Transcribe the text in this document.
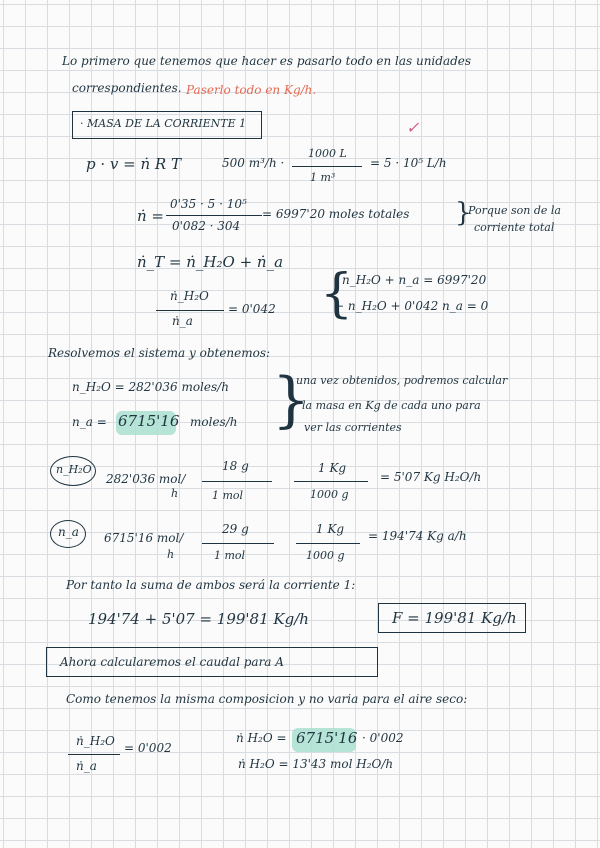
Lo primero que tenemos que hacer es pasarlo todo en las unidades
correspondientes. Paserlo todo en Kg/h.
· MASA DE LA CORRIENTE 1	✓
p · v = ṅ R T	500 m³/h ·
1000 L
1 m³
= 5 · 10⁵ L/h
ṅ =
0'35 · 5 · 10⁵
0'082 · 304
= 6997'20 moles totales }
Porque son de la
corriente total
ṅ_T = ṅ_H₂O + ṅ_a
ṅ_H₂O
ṅ_a
= 0'042 {
n_H₂O + n_a = 6997'20
− n_H₂O + 0'042 n_a = 0
Resolvemos el sistema y obtenemos:
n_H₂O = 282'036 moles/h
n_a = 6715'16 moles/h }
una vez obtenidos, podremos calcular
la masa en Kg de cada uno para
ver las corrientes
n_H₂O
282'036 mol/
h
18 g
1 mol
1 Kg
1000 g
= 5'07 Kg H₂O/h
n_a 6715'16 mol/
h
29 g
1 mol
1 Kg
1000 g
= 194'74 Kg a/h
Por tanto la suma de ambos será la corriente 1:
194'74 + 5'07 = 199'81 Kg/h	F = 199'81 Kg/h
Ahora calcularemos el caudal para A
Como tenemos la misma composicion y no varia para el aire seco:
ṅ_H₂O
ṅ_a
= 0'002
ṅ H₂O = 6715'16 · 0'002
ṅ H₂O = 13'43 mol H₂O/h
